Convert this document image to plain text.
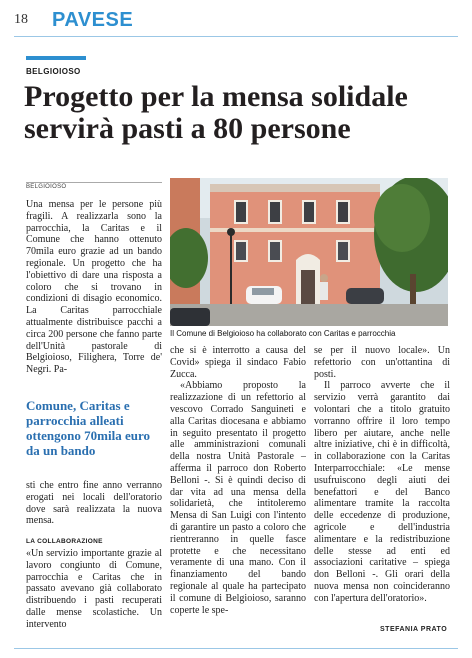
18 PAVESE
BELGIOIOSO
Progetto per la mensa solidale
servirà pasti a 80 persone
BELGIOIOSO

Una mensa per le persone più fragili. A realizzarla sono la parrocchia, la Caritas e il Comune che hanno ottenuto 70mila euro grazie ad un bando regionale. Un progetto che ha l'obiettivo di dare una risposta a coloro che si trovano in condizioni di disagio economico. La Caritas parrocchiale attualmente distribuisce pacchi a circa 200 persone che fanno parte dell'Unità pastorale di Belgioioso, Filighera, Torre de' Negri. Pa-

Comune, Caritas e parrocchia alleati ottengono 70mila euro da un bando

sti che entro fine anno verranno erogati nei locali dell'oratorio dove sarà realizzata la nuova mensa.

LA COLLABORAZIONE

«Un servizio importante grazie al lavoro congiunto di Comune, parrocchia e Caritas che in passato avevano già collaborato distribuendo i pasti recuperati dalle mense scolastiche. Un intervento

Il Comune di Belgioioso ha collaborato con Caritas e parrocchia

che si è interrotto a causa del Covid» spiega il sindaco Fabio Zucca.

«Abbiamo proposto la realizzazione di un refettorio al vescovo Corrado Sanguineti e alla Caritas diocesana e abbiamo in seguito presentato il progetto alle amministrazioni comunali della nostra Unità Pastorale – afferma il parroco don Roberto Belloni -. Si è quindi deciso di dar vita ad una mensa della solidarietà, che intitoleremo Mensa di San Luigi con l'intento di garantire un pasto a coloro che rientreranno in quelle fasce protette e che necessitano veramente di una mano. Con il finanziamento del bando regionale al quale ha partecipato il comune di Belgioioso, saranno coperte le spe-

se per il nuovo locale». Un refettorio con un'ottantina di posti.

Il parroco avverte che il servizio verrà garantito dai volontari che a titolo gratuito vorranno offrire il loro tempo libero per aiutare, anche nelle altre iniziative, chi è in difficoltà, in collaborazione con la Caritas Interparrocchiale: «Le mense usufruiscono degli aiuti dei benefattori e del Banco alimentare tramite la raccolta delle eccedenze di produzione, agricole e dell'industria alimentare e la redistribuzione delle stesse ad enti ed associazioni caritative – spiega don Belloni -. Gli orari della nuova mensa non coincideranno con l'apertura dell'oratorio».

STEFANIA PRATO
